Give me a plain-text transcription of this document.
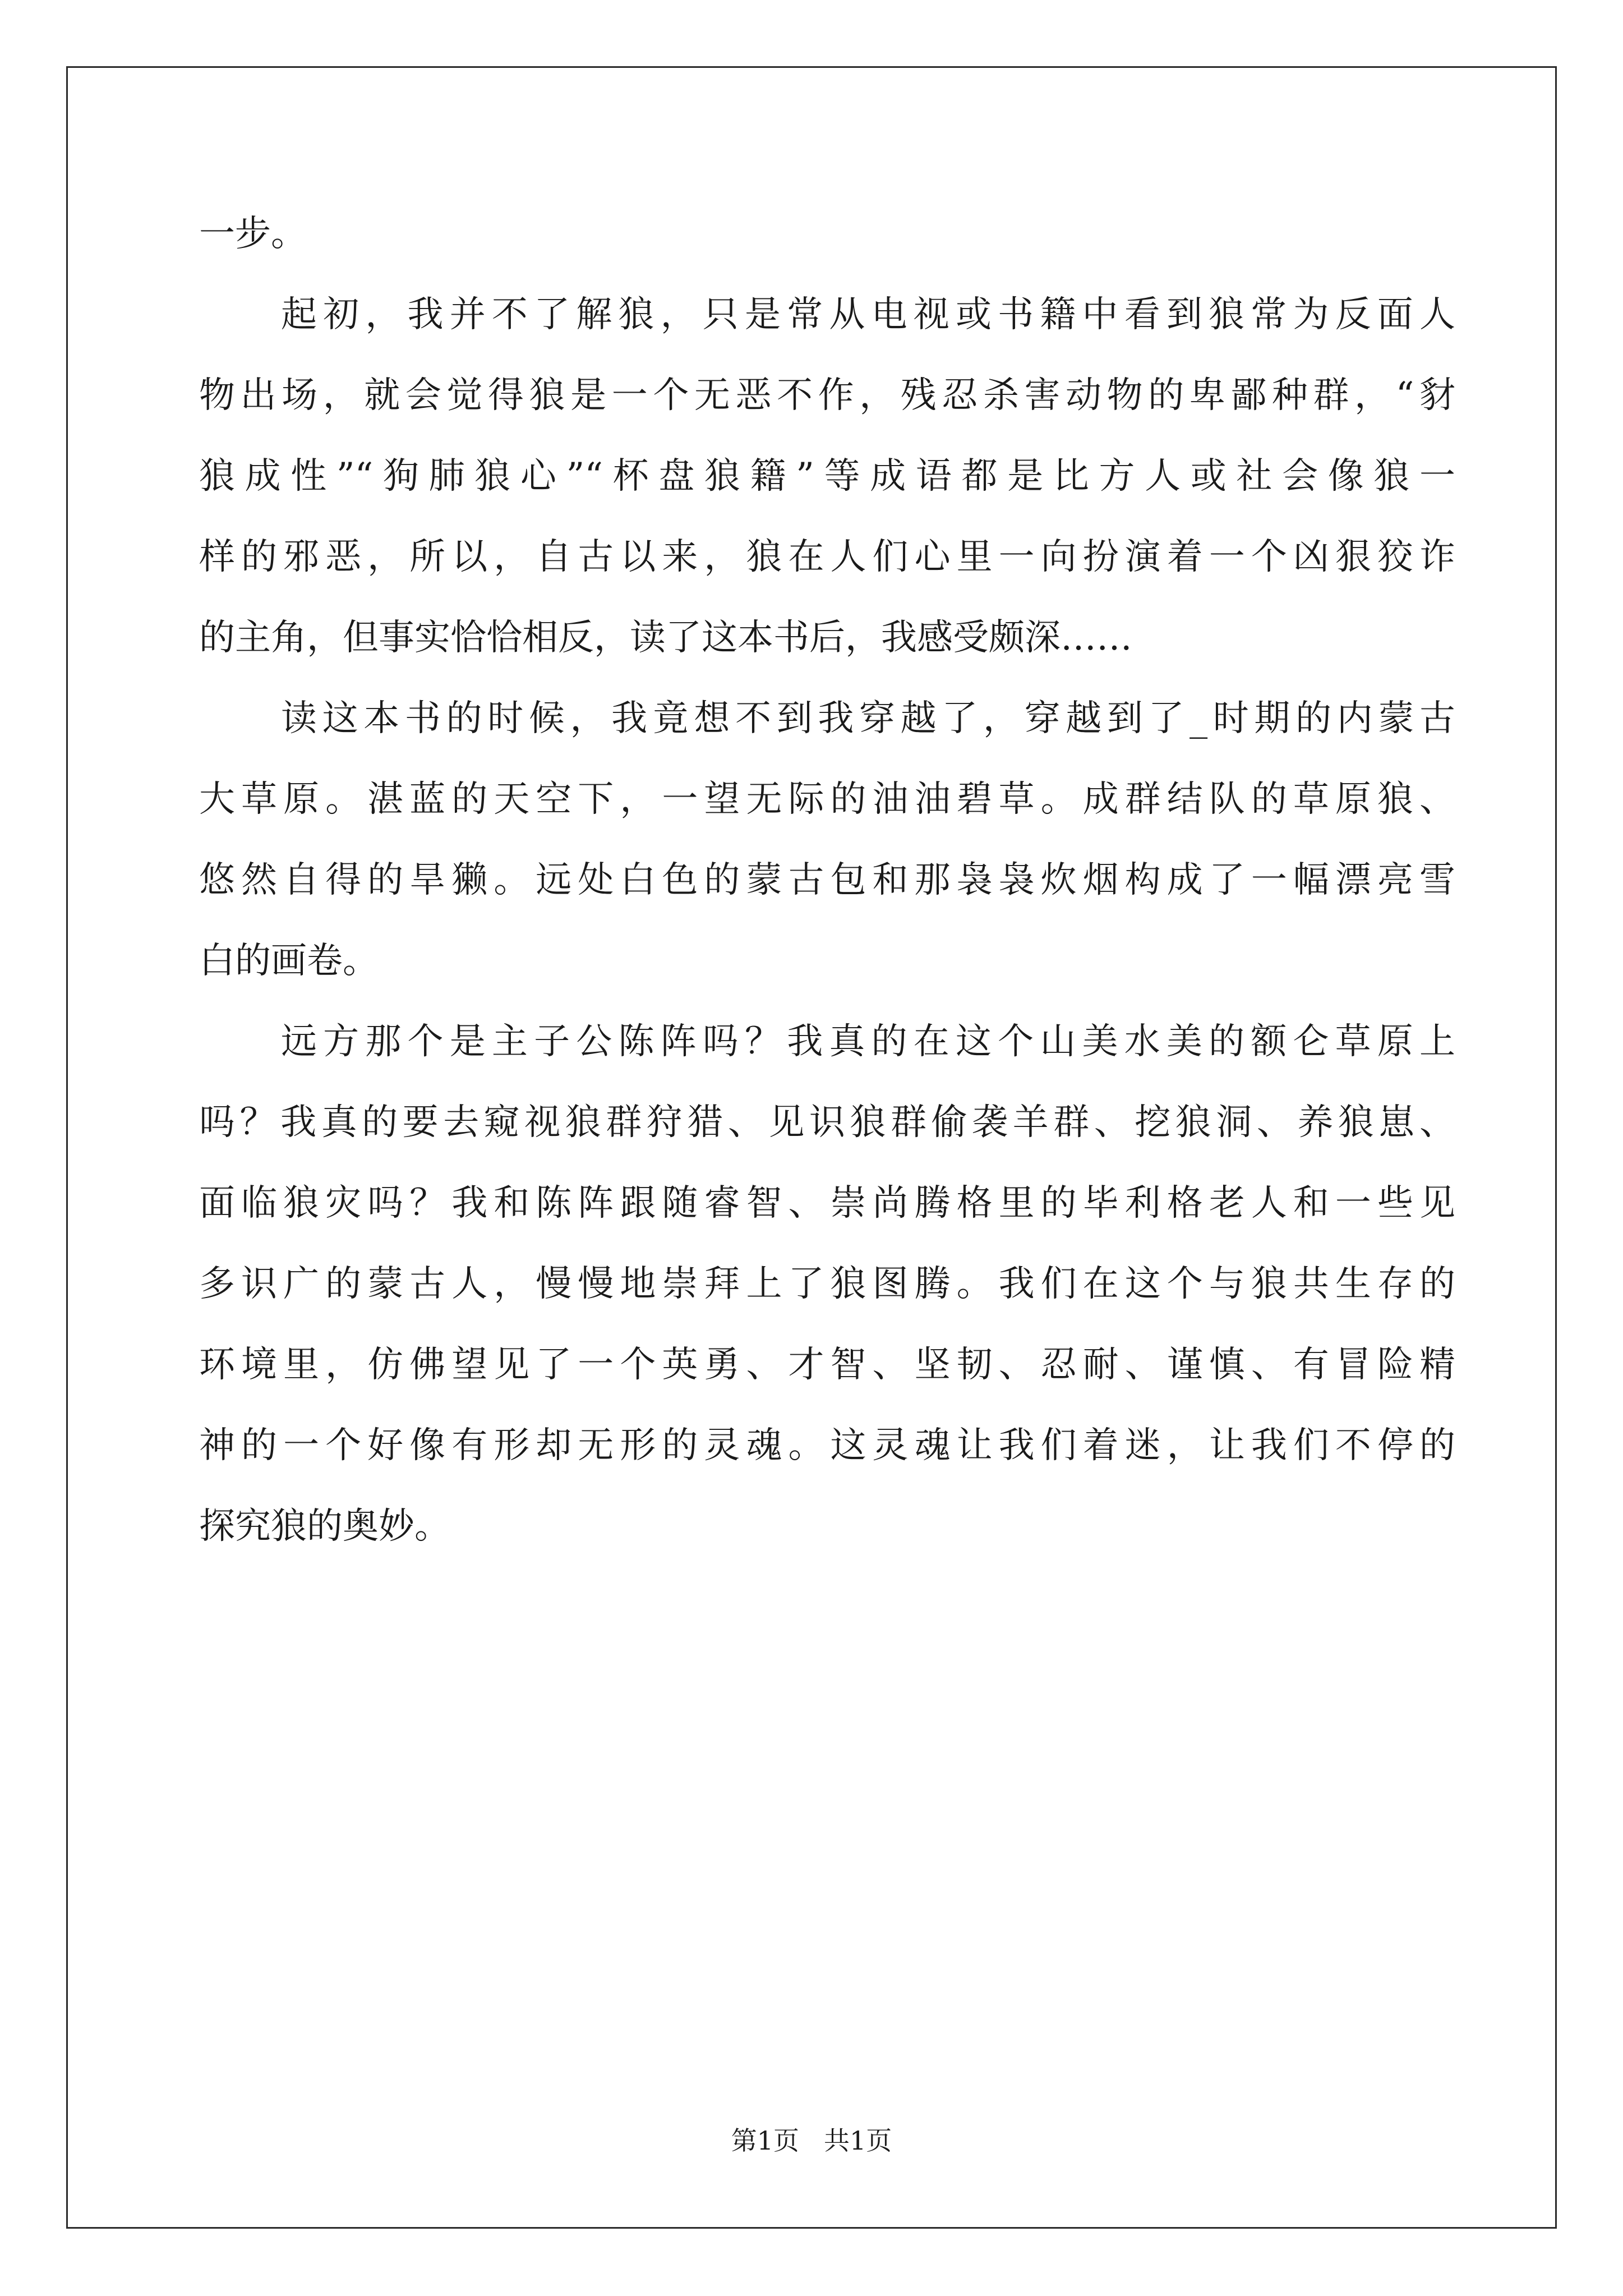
一步。
起初，我并不了解狼，只是常从电视或书籍中看到狼常为反面人
物出场，就会觉得狼是一个无恶不作，残忍杀害动物的卑鄙种群，“豺
狼成性”“狗肺狼心”“杯盘狼籍”等成语都是比方人或社会像狼一
样的邪恶，所以，自古以来，狼在人们心里一向扮演着一个凶狠狡诈
的主角，但事实恰恰相反，读了这本书后，我感受颇深……
读这本书的时候，我竟想不到我穿越了，穿越到了_时期的内蒙古
大草原。湛蓝的天空下，一望无际的油油碧草。成群结队的草原狼、
悠然自得的旱獭。远处白色的蒙古包和那袅袅炊烟构成了一幅漂亮雪
白的画卷。
远方那个是主子公陈阵吗？我真的在这个山美水美的额仑草原上
吗？我真的要去窥视狼群狩猎、见识狼群偷袭羊群、挖狼洞、养狼崽、
面临狼灾吗？我和陈阵跟随睿智、崇尚腾格里的毕利格老人和一些见
多识广的蒙古人，慢慢地崇拜上了狼图腾。我们在这个与狼共生存的
环境里，仿佛望见了一个英勇、才智、坚韧、忍耐、谨慎、有冒险精
神的一个好像有形却无形的灵魂。这灵魂让我们着迷，让我们不停的
探究狼的奥妙。
第1页 共1页
